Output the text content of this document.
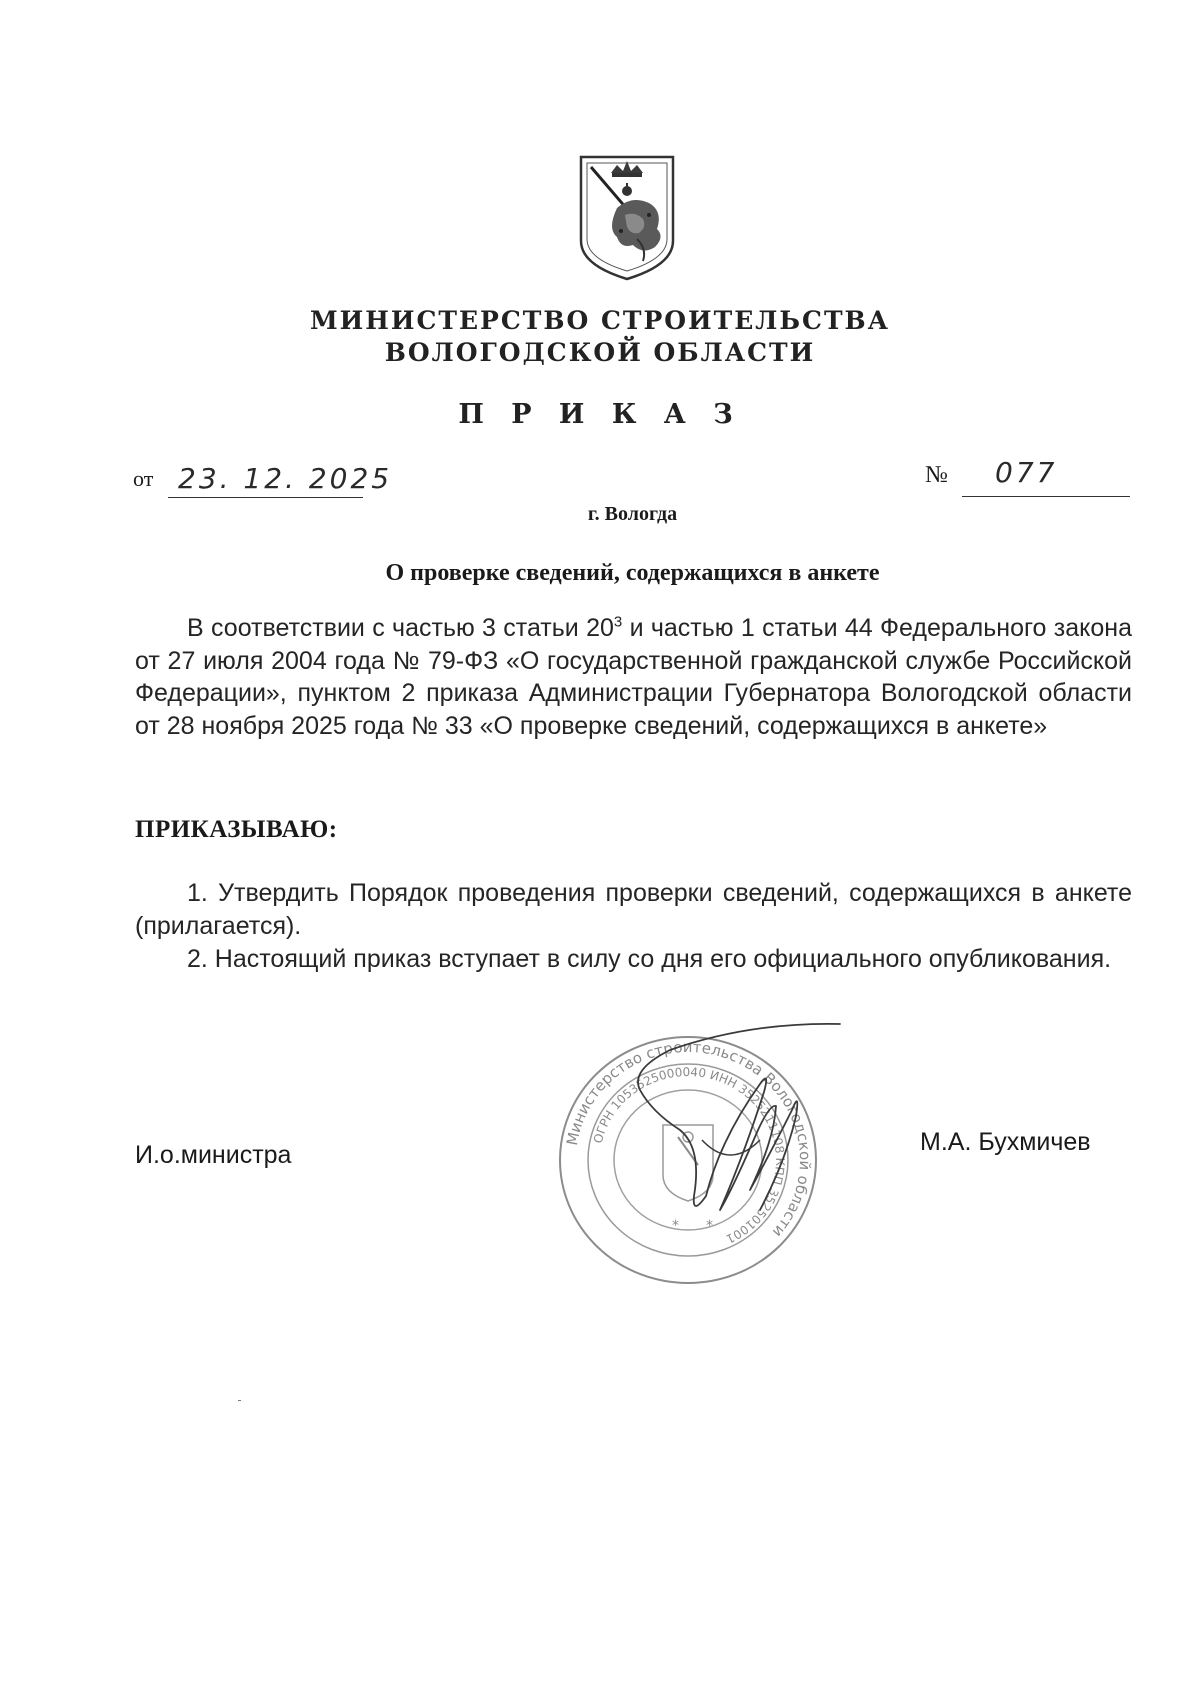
МИНИСТЕРСТВО СТРОИТЕЛЬСТВА
ВОЛОГОДСКОЙ ОБЛАСТИ
П Р И К А З
от 23. 12. 2025	№ 077
г. Вологда
О проверке сведений, содержащихся в анкете

В соответствии с частью 3 статьи $20^3$ и частью 1 статьи 44 Федерального закона от 27 июля 2004 года № 79-ФЗ «О государственной гражданской службе Российской Федерации», пунктом 2 приказа Администрации Губернатора Вологодской области от 28 ноября 2025 года № 33 «О проверке сведений, содержащихся в анкете»

ПРИКАЗЫВАЮ:

1. Утвердить Порядок проведения проверки сведений, содержащихся в анкете (прилагается).

2. Настоящий приказ вступает в силу со дня его официального опубликования.

И.о.министра	М.А. Бухмичев
Министерство строительства Вологодской области
ОГРН 1053525000040 ИНН 3525211108 КПП 352501001
* *
